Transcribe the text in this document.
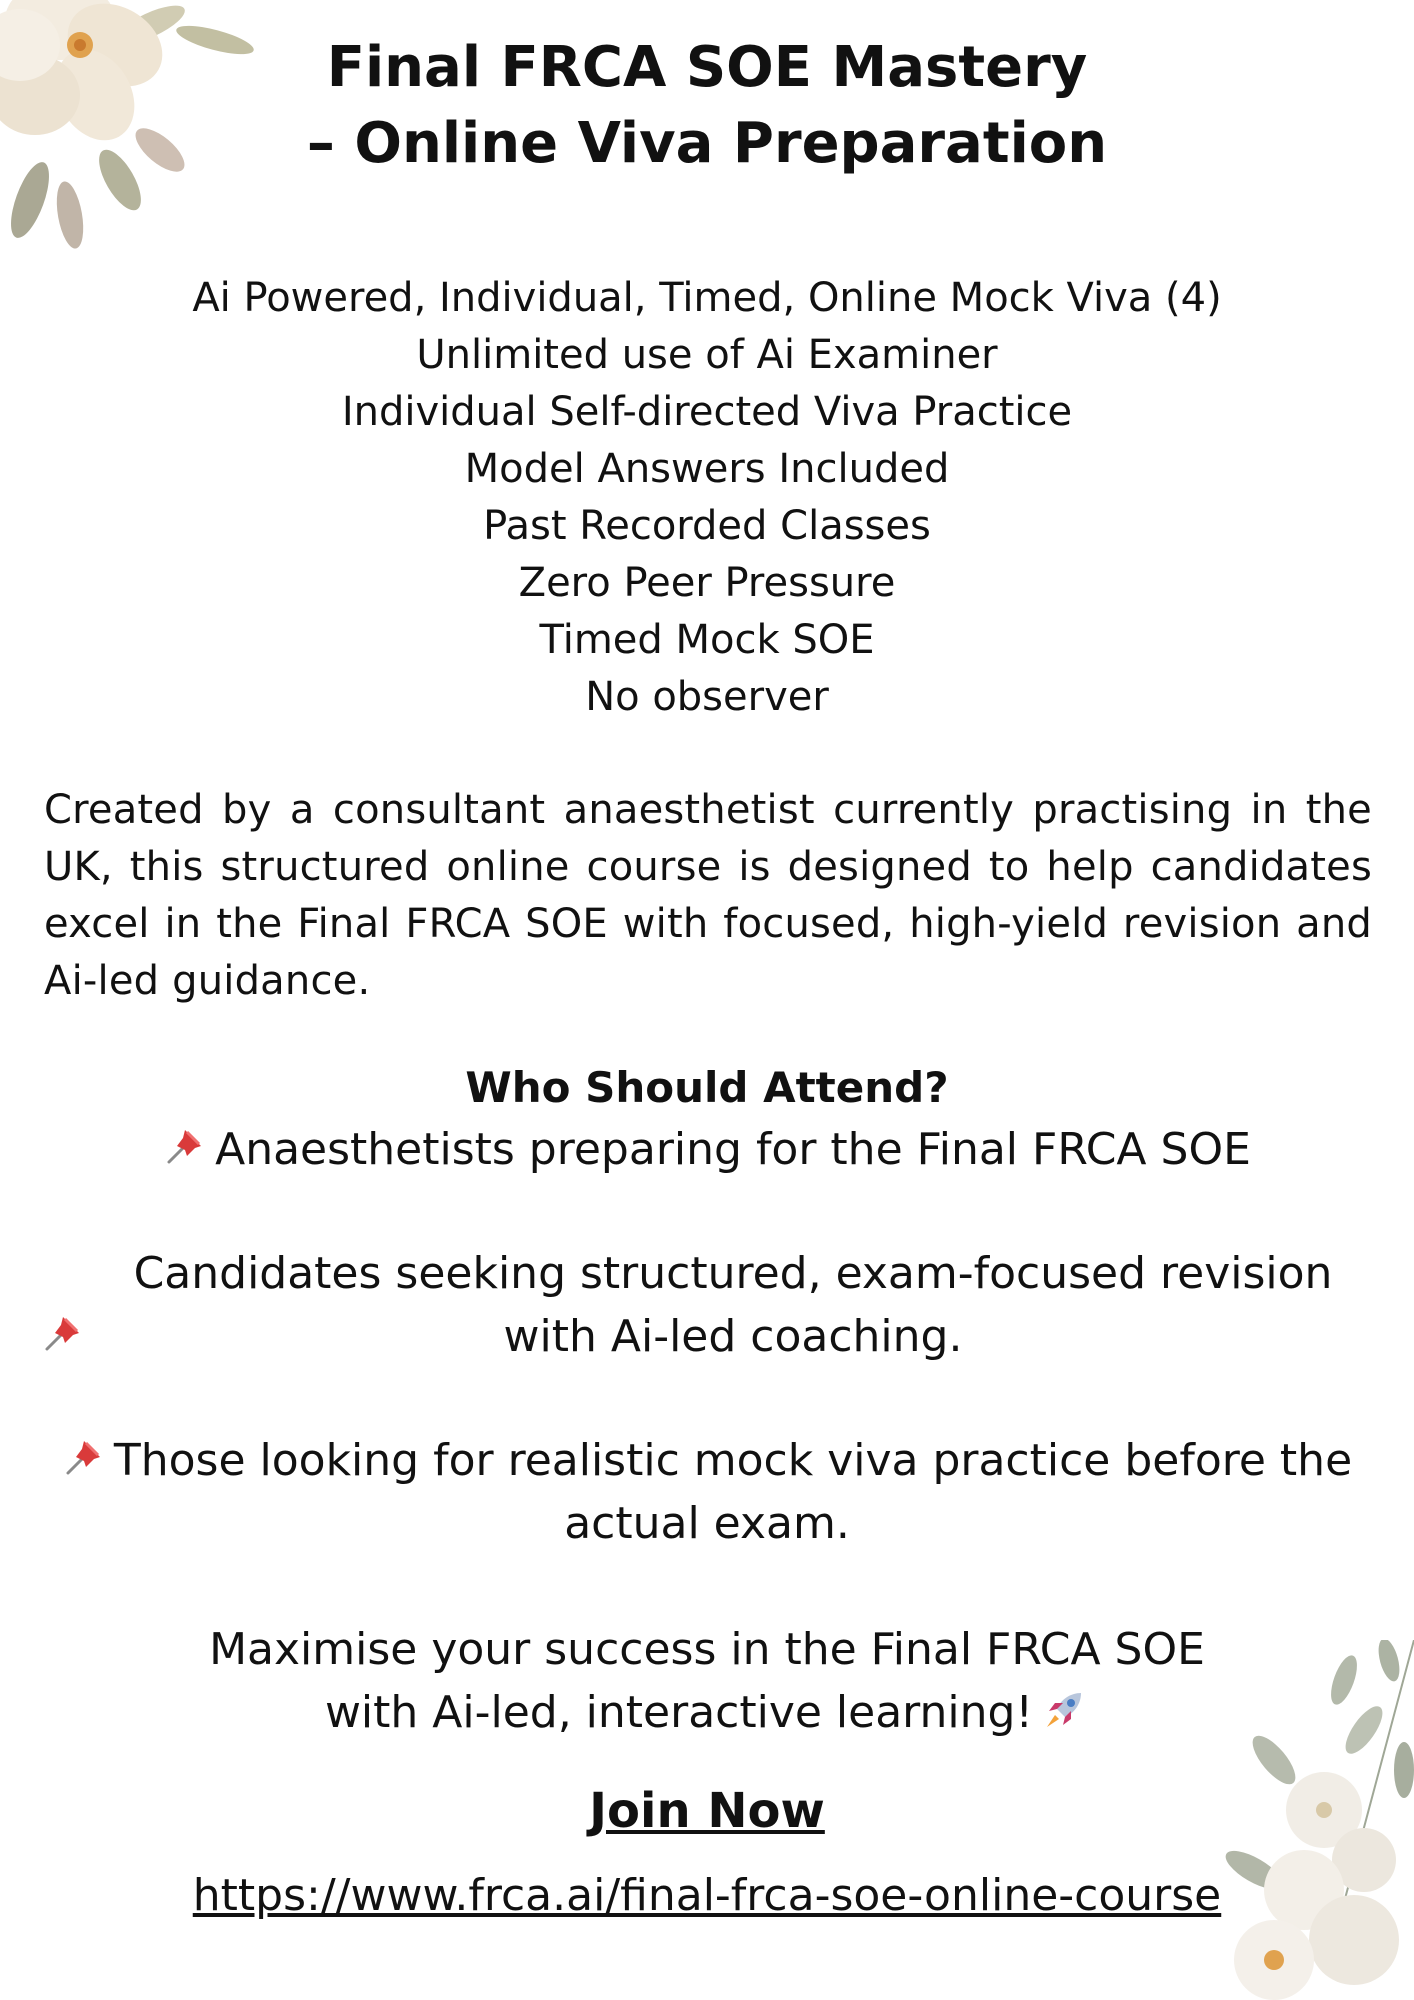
Final FRCA SOE Mastery
– Online Viva Preparation
Ai Powered, Individual, Timed, Online Mock Viva (4)
Unlimited use of Ai Examiner
Individual Self-directed Viva Practice
Model Answers Included
Past Recorded Classes
Zero Peer Pressure
Timed Mock SOE
No observer
Created by a consultant anaesthetist currently practising in the UK, this structured online course is designed to help candidates excel in the Final FRCA SOE with focused, high-yield revision and Ai-led guidance.
Who Should Attend?
Anaesthetists preparing for the Final FRCA SOE
Candidates seeking structured, exam-focused revision with Ai-led coaching.
Those looking for realistic mock viva practice before the actual exam.
Maximise your success in the Final FRCA SOE
with Ai-led, interactive learning!
Join Now
https://www.frca.ai/final-frca-soe-online-course
